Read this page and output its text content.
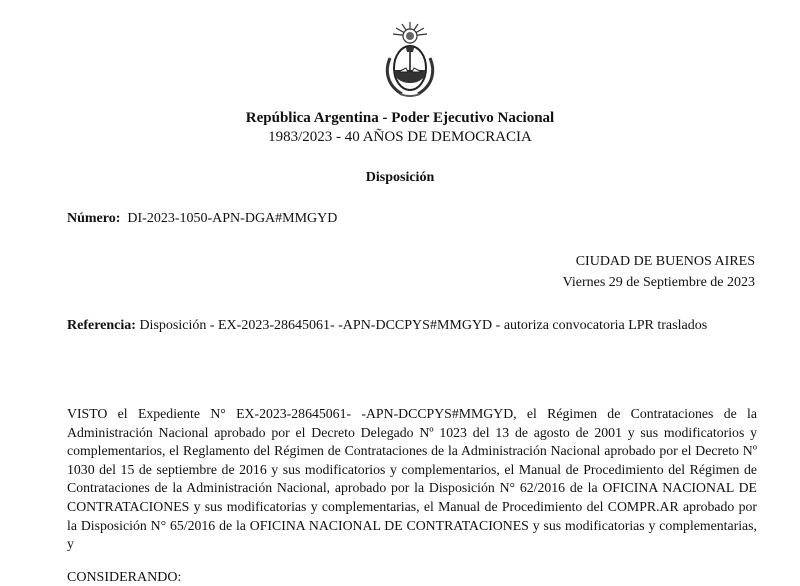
República Argentina - Poder Ejecutivo Nacional
1983/2023 - 40 AÑOS DE DEMOCRACIA
Disposición
Número: DI-2023-1050-APN-DGA#MMGYD
CIUDAD DE BUENOS AIRES
Viernes 29 de Septiembre de 2023
Referencia: Disposición - EX-2023-28645061- -APN-DCCPYS#MMGYD - autoriza convocatoria LPR traslados
VISTO el Expediente N° EX-2023-28645061- -APN-DCCPYS#MMGYD, el Régimen de Contrataciones de la Administración Nacional aprobado por el Decreto Delegado Nº 1023 del 13 de agosto de 2001 y sus modificatorios y complementarios, el Reglamento del Régimen de Contrataciones de la Administración Nacional aprobado por el Decreto Nº 1030 del 15 de septiembre de 2016 y sus modificatorios y complementarios, el Manual de Procedimiento del Régimen de Contrataciones de la Administración Nacional, aprobado por la Disposición N° 62/2016 de la OFICINA NACIONAL DE CONTRATACIONES y sus modificatorias y complementarias, el Manual de Procedimiento del COMPR.AR aprobado por la Disposición N° 65/2016 de la OFICINA NACIONAL DE CONTRATACIONES y sus modificatorias y complementarias, y
CONSIDERANDO:
